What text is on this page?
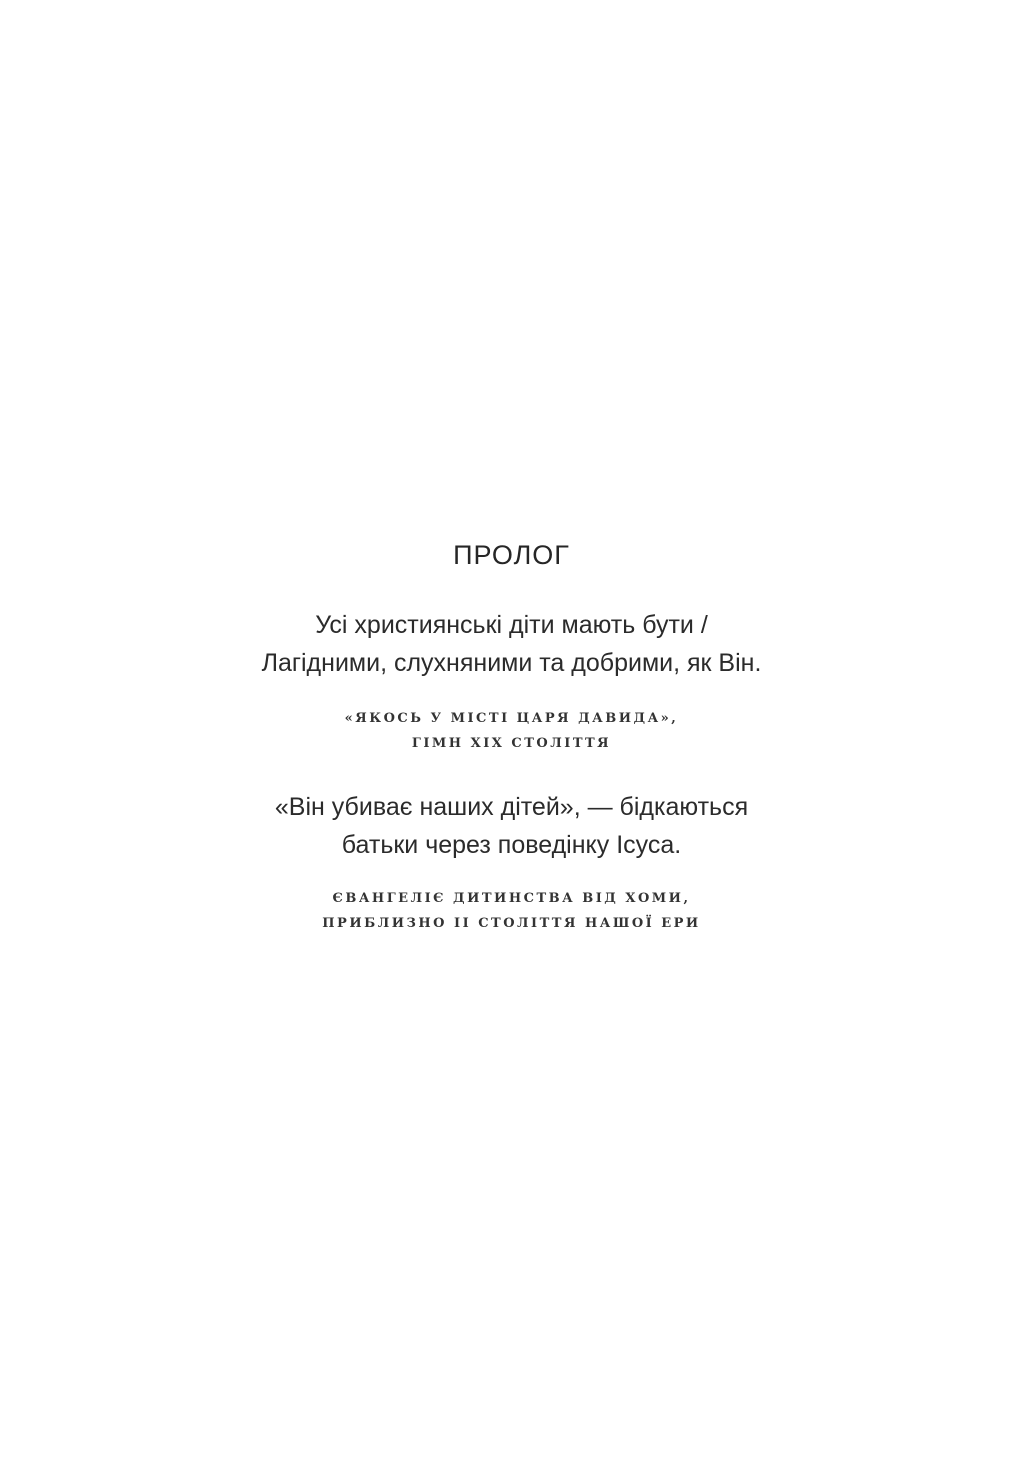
ПРОЛОГ
Усі християнські діти мають бути /
Лагідними, слухняними та добрими, як Він.
«ЯКОСЬ У МІСТІ ЦАРЯ ДАВИДА»,
ГІМН XIX СТОЛІТТЯ
«Він убиває наших дітей», — бідкаються
батьки через поведінку Ісуса.
ЄВАНГЕЛІЄ ДИТИНСТВА ВІД ХОМИ,
ПРИБЛИЗНО II СТОЛІТТЯ НАШОЇ ЕРИ
